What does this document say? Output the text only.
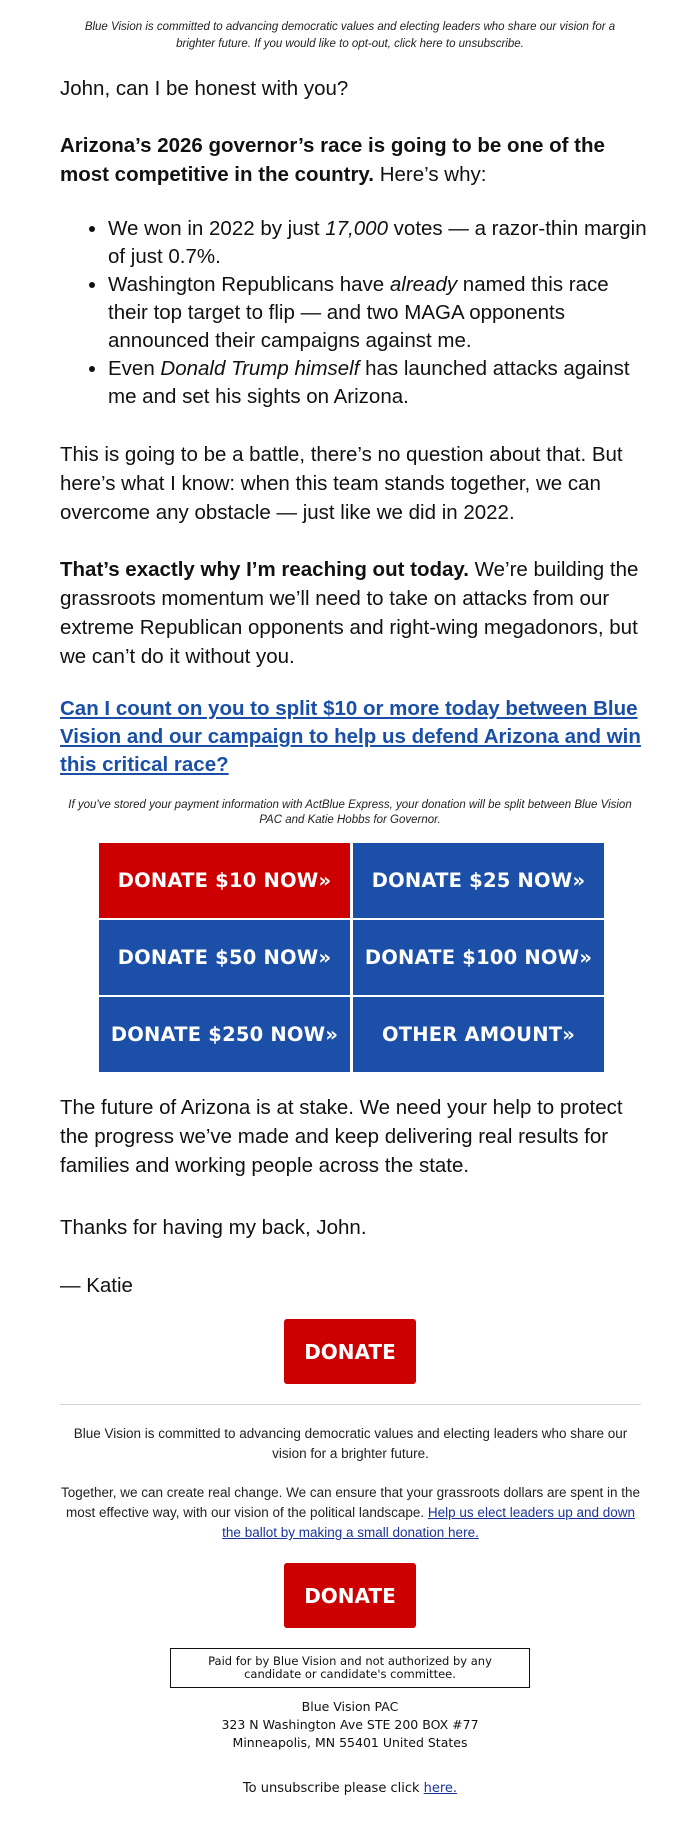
Blue Vision is committed to advancing democratic values and electing leaders who share our vision for a brighter future. If you would like to opt-out, click here to unsubscribe.

John, can I be honest with you?

Arizona’s 2026 governor’s race is going to be one of the most competitive in the country. Here’s why:

• We won in 2022 by just 17,000 votes — a razor-thin margin of just 0.7%.
• Washington Republicans have already named this race their top target to flip — and two MAGA opponents announced their campaigns against me.
• Even Donald Trump himself has launched attacks against me and set his sights on Arizona.

This is going to be a battle, there’s no question about that. But here’s what I know: when this team stands together, we can overcome any obstacle — just like we did in 2022.

That’s exactly why I’m reaching out today. We’re building the grassroots momentum we’ll need to take on attacks from our extreme Republican opponents and right-wing megadonors, but we can’t do it without you.

Can I count on you to split $10 or more today between Blue Vision and our campaign to help us defend Arizona and win this critical race?
If you've stored your payment information with ActBlue Express, your donation will be split between Blue Vision PAC and Katie Hobbs for Governor.
DONATE $10 NOW»	DONATE $25 NOW»
DONATE $50 NOW»	DONATE $100 NOW»
DONATE $250 NOW»	OTHER AMOUNT»

The future of Arizona is at stake. We need your help to protect the progress we’ve made and keep delivering real results for families and working people across the state.

Thanks for having my back, John.

— Katie

DONATE
Blue Vision is committed to advancing democratic values and electing leaders who share our vision for a brighter future.
Together, we can create real change. We can ensure that your grassroots dollars are spent in the most effective way, with our vision of the political landscape. Help us elect leaders up and down the ballot by making a small donation here.
DONATE
Paid for by Blue Vision and not authorized by any candidate or candidate's committee.
Blue Vision PAC
323 N Washington Ave STE 200 BOX #77
Minneapolis, MN 55401 United States
To unsubscribe please click here.
